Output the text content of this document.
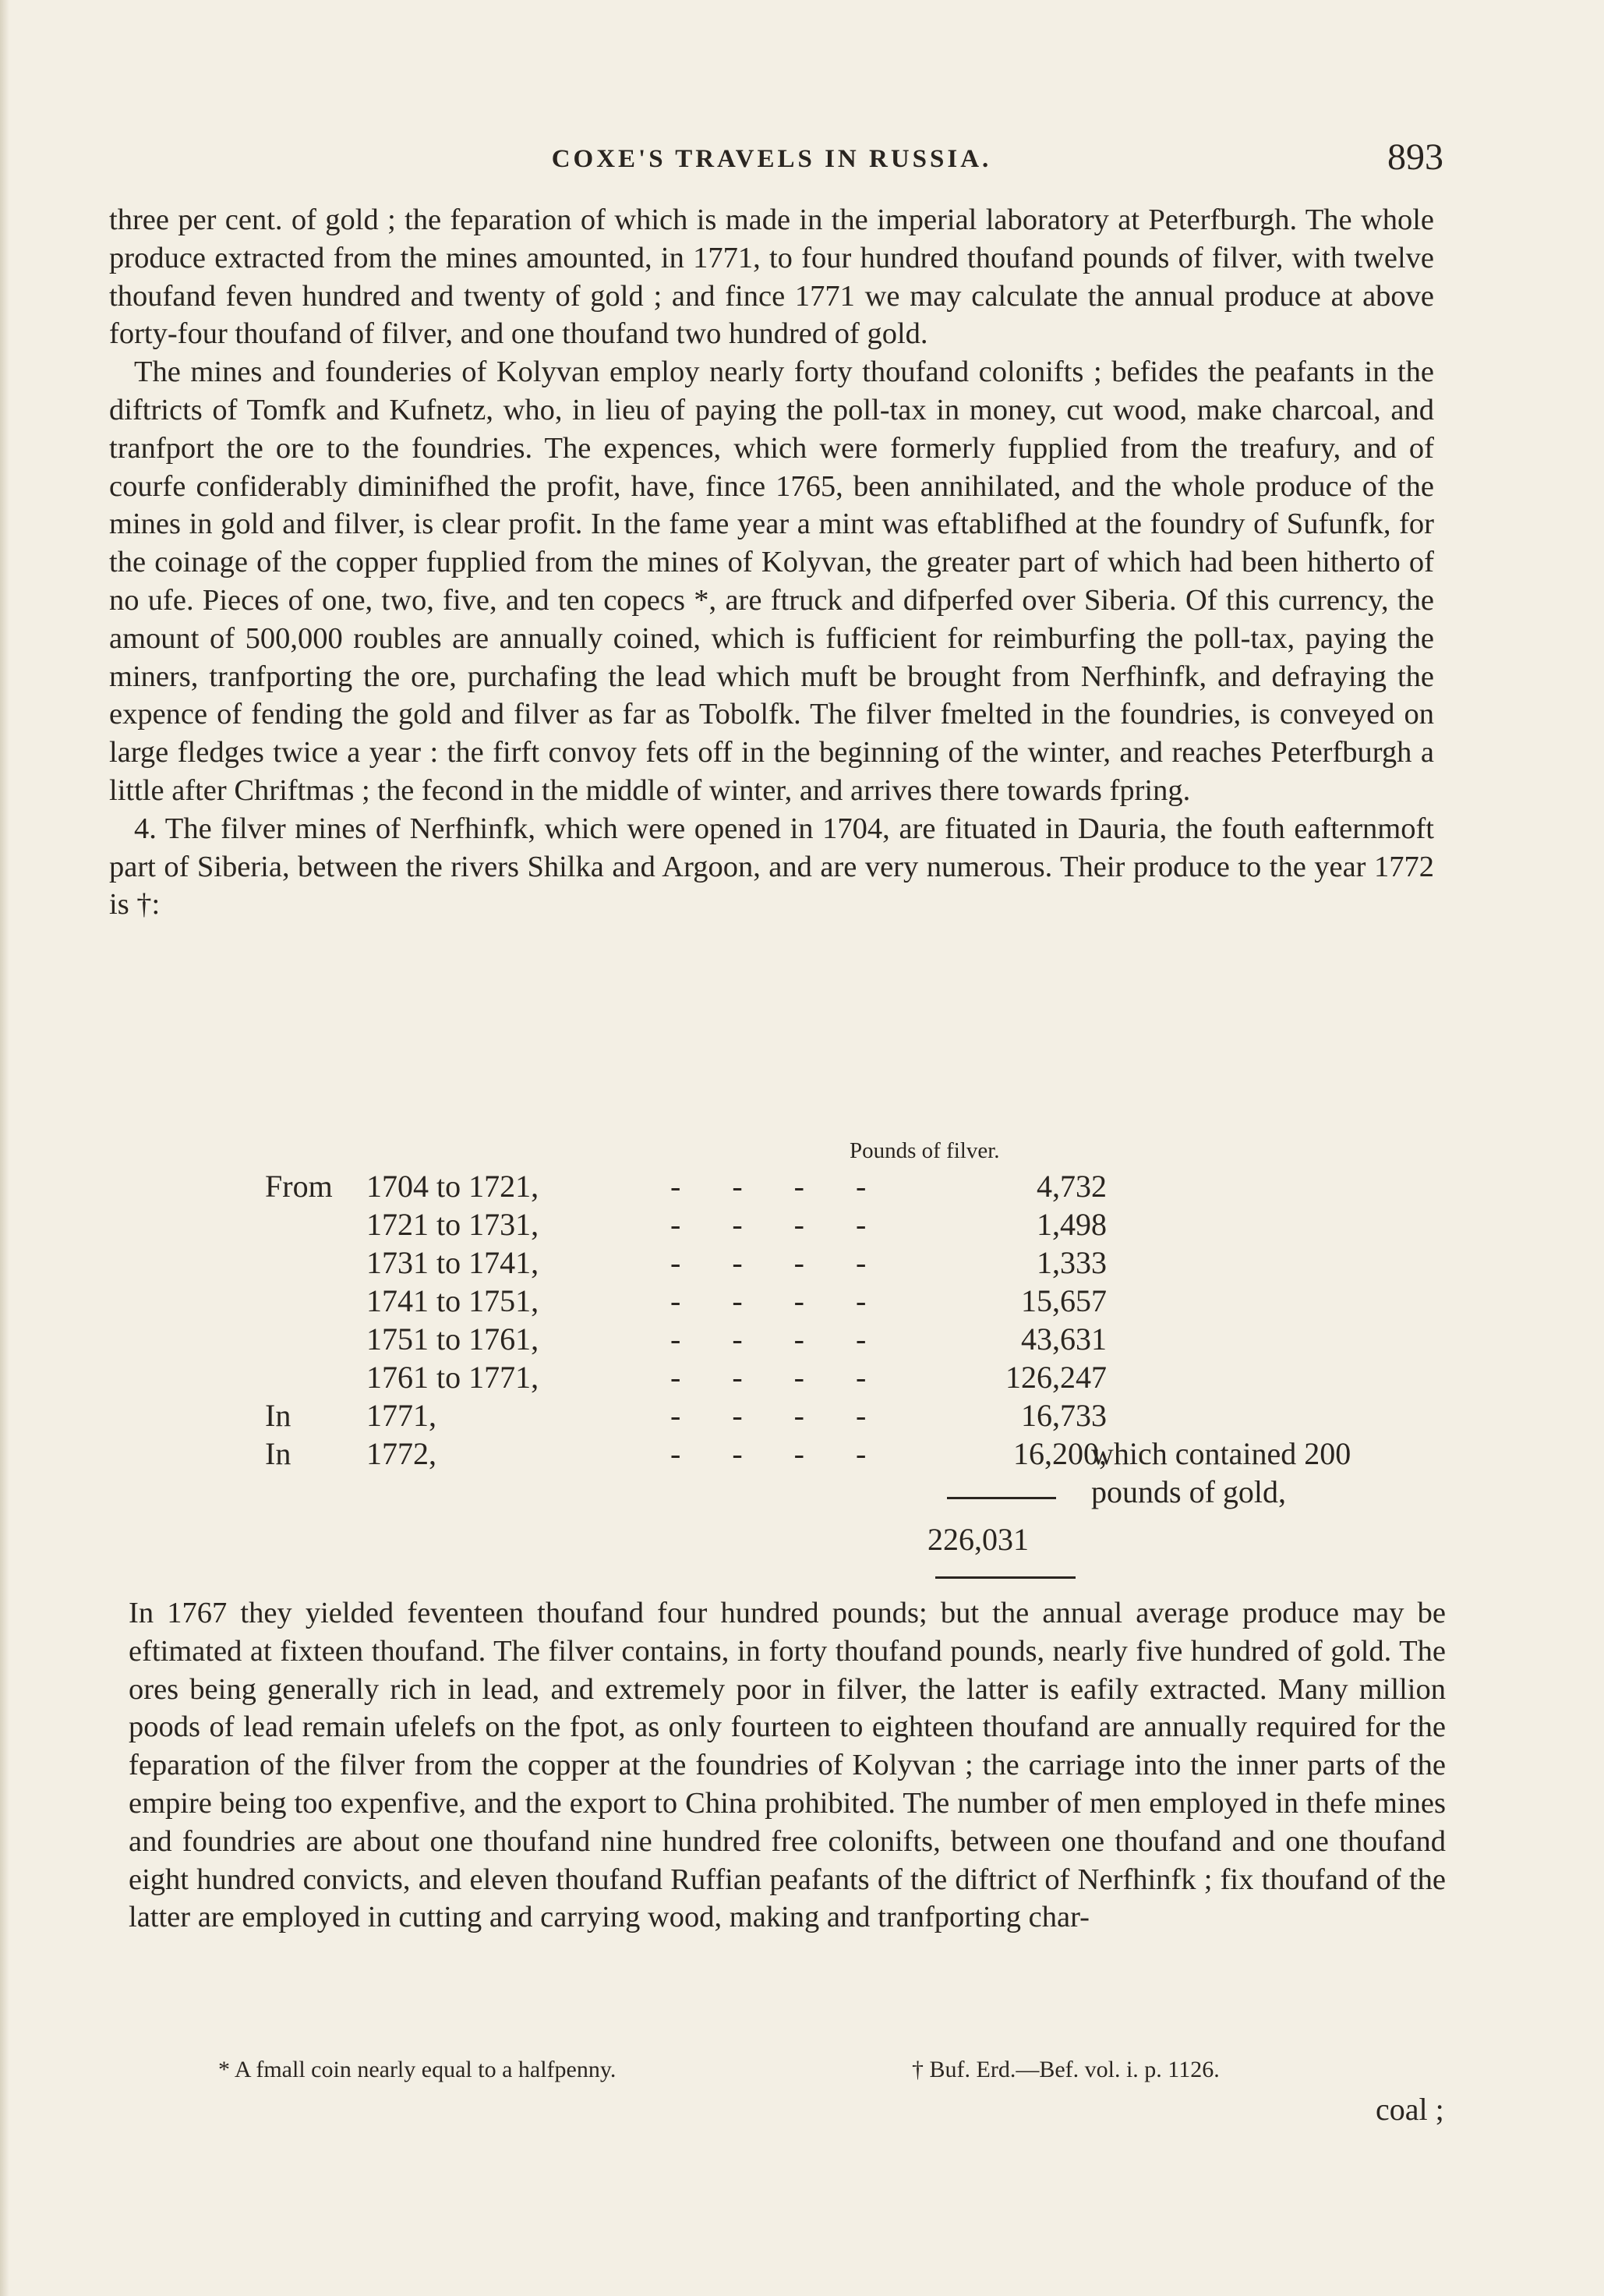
COXE'S TRAVELS IN RUSSIA.	893

three per cent. of gold ; the feparation of which is made in the imperial laboratory at Peterfburgh. The whole produce extracted from the mines amounted, in 1771, to four hundred thoufand pounds of filver, with twelve thoufand feven hundred and twenty of gold ; and fince 1771 we may calculate the annual produce at above forty-four thoufand of filver, and one thoufand two hundred of gold.

The mines and founderies of Kolyvan employ nearly forty thoufand colonifts ; befides the peafants in the diftricts of Tomfk and Kufnetz, who, in lieu of paying the poll-tax in money, cut wood, make charcoal, and tranfport the ore to the foundries. The expences, which were formerly fupplied from the treafury, and of courfe confiderably diminifhed the profit, have, fince 1765, been annihilated, and the whole produce of the mines in gold and filver, is clear profit. In the fame year a mint was eftablifhed at the foundry of Sufunfk, for the coinage of the copper fupplied from the mines of Kolyvan, the greater part of which had been hitherto of no ufe. Pieces of one, two, five, and ten copecs *, are ftruck and difperfed over Siberia. Of this currency, the amount of 500,000 roubles are annually coined, which is fufficient for reimburfing the poll-tax, paying the miners, tranfporting the ore, purchafing the lead which muft be brought from Nerfhinfk, and defraying the expence of fending the gold and filver as far as Tobolfk. The filver fmelted in the foundries, is conveyed on large fledges twice a year : the firft convoy fets off in the beginning of the winter, and reaches Peterfburgh a little after Chriftmas ; the fecond in the middle of winter, and arrives there towards fpring.

4. The filver mines of Nerfhinfk, which were opened in 1704, are fituated in Dauria, the fouth eafternmoft part of Siberia, between the rivers Shilka and Argoon, and are very numerous. Their produce to the year 1772 is †:

Pounds of filver.
From 1704 to 1721,	- - - -	4,732
1721 to 1731,	- - - -	1,498
1731 to 1741,	- - - -	1,333
1741 to 1751,	- - - -	15,657
1751 to 1761,	- - - -	43,631
1761 to 1771,	- - - -	126,247
In 1771,	- - - -	16,733
In 1772,	- - - -	16,200,
which contained 200
pounds of gold,
226,031

In 1767 they yielded feventeen thoufand four hundred pounds; but the annual average produce may be eftimated at fixteen thoufand. The filver contains, in forty thoufand pounds, nearly five hundred of gold. The ores being generally rich in lead, and extremely poor in filver, the latter is eafily extracted. Many million poods of lead remain ufelefs on the fpot, as only fourteen to eighteen thoufand are annually required for the feparation of the filver from the copper at the foundries of Kolyvan ; the carriage into the inner parts of the empire being too expenfive, and the export to China prohibited. The number of men employed in thefe mines and foundries are about one thoufand nine hundred free colonifts, between one thoufand and one thoufand eight hundred convicts, and eleven thoufand Ruffian peafants of the diftrict of Nerfhinfk ; fix thoufand of the latter are employed in cutting and carrying wood, making and tranfporting char-

* A fmall coin nearly equal to a halfpenny.	† Buf. Erd.—Bef. vol. i. p. 1126.
coal ;
